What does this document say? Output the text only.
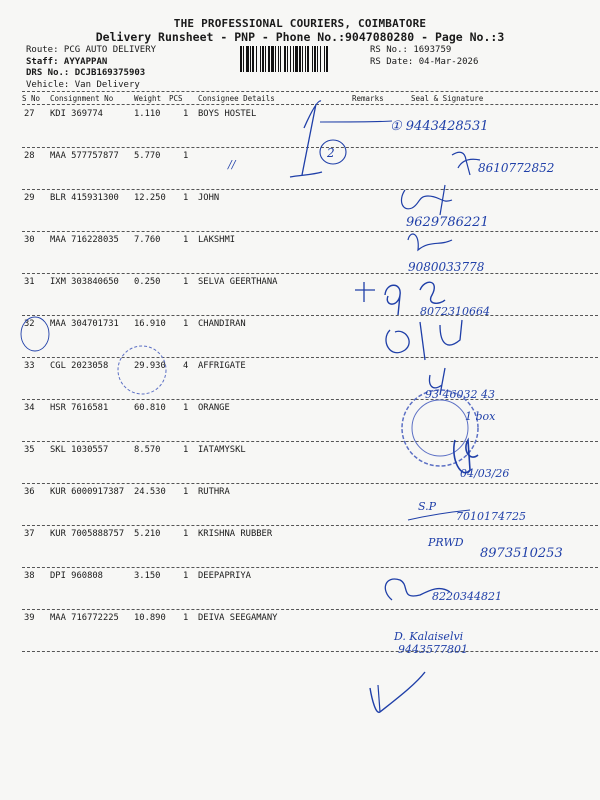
THE PROFESSIONAL COURIERS, COIMBATORE
Delivery Runsheet - PNP - Phone No.:9047080280 - Page No.:3
Route: PCG AUTO DELIVERY
Staff: AYYAPPAN
DRS No.: DCJB169375903
Vehicle: Van Delivery
RS No.: 1693759
RS Date: 04-Mar-2026
S No Consignment No	Weight PCS Consignee Details	Remarks	Seal & Signature
27 KDI 369774	1.110	1 BOYS HOSTEL
28 MAA 577757877 5.770	1
29 BLR 415931300 12.250 1 JOHN
30 MAA 716228035 7.760	1 LAKSHMI
31 IXM 303840650 0.250	1 SELVA GEERTHANA
32 MAA 304701731 16.910 1 CHANDIRAN
33 CGL 2023058	29.930 4 AFFRIGATE
34 HSR 7616581	60.810 1 ORANGE
35 SKL 1030557	8.570	1 IATAMYSKL
36 KUR 6000917387 24.530 1 RUTHRA
37 KUR 7005888757 5.210	1 KRISHNA RUBBER
38 DPI 960808	3.150	1 DEEPAPRIYA
39 MAA 716772225 10.890 1 DEIVA SEEGAMANY
① 9443428531
//
2
8610772852
9629786221
9080033778
8072310664
93 46032 43
1 box
04/03/26
S.P
7010174725
PRWD
8973510253
8220344821
D. Kalaiselvi
9443577801
